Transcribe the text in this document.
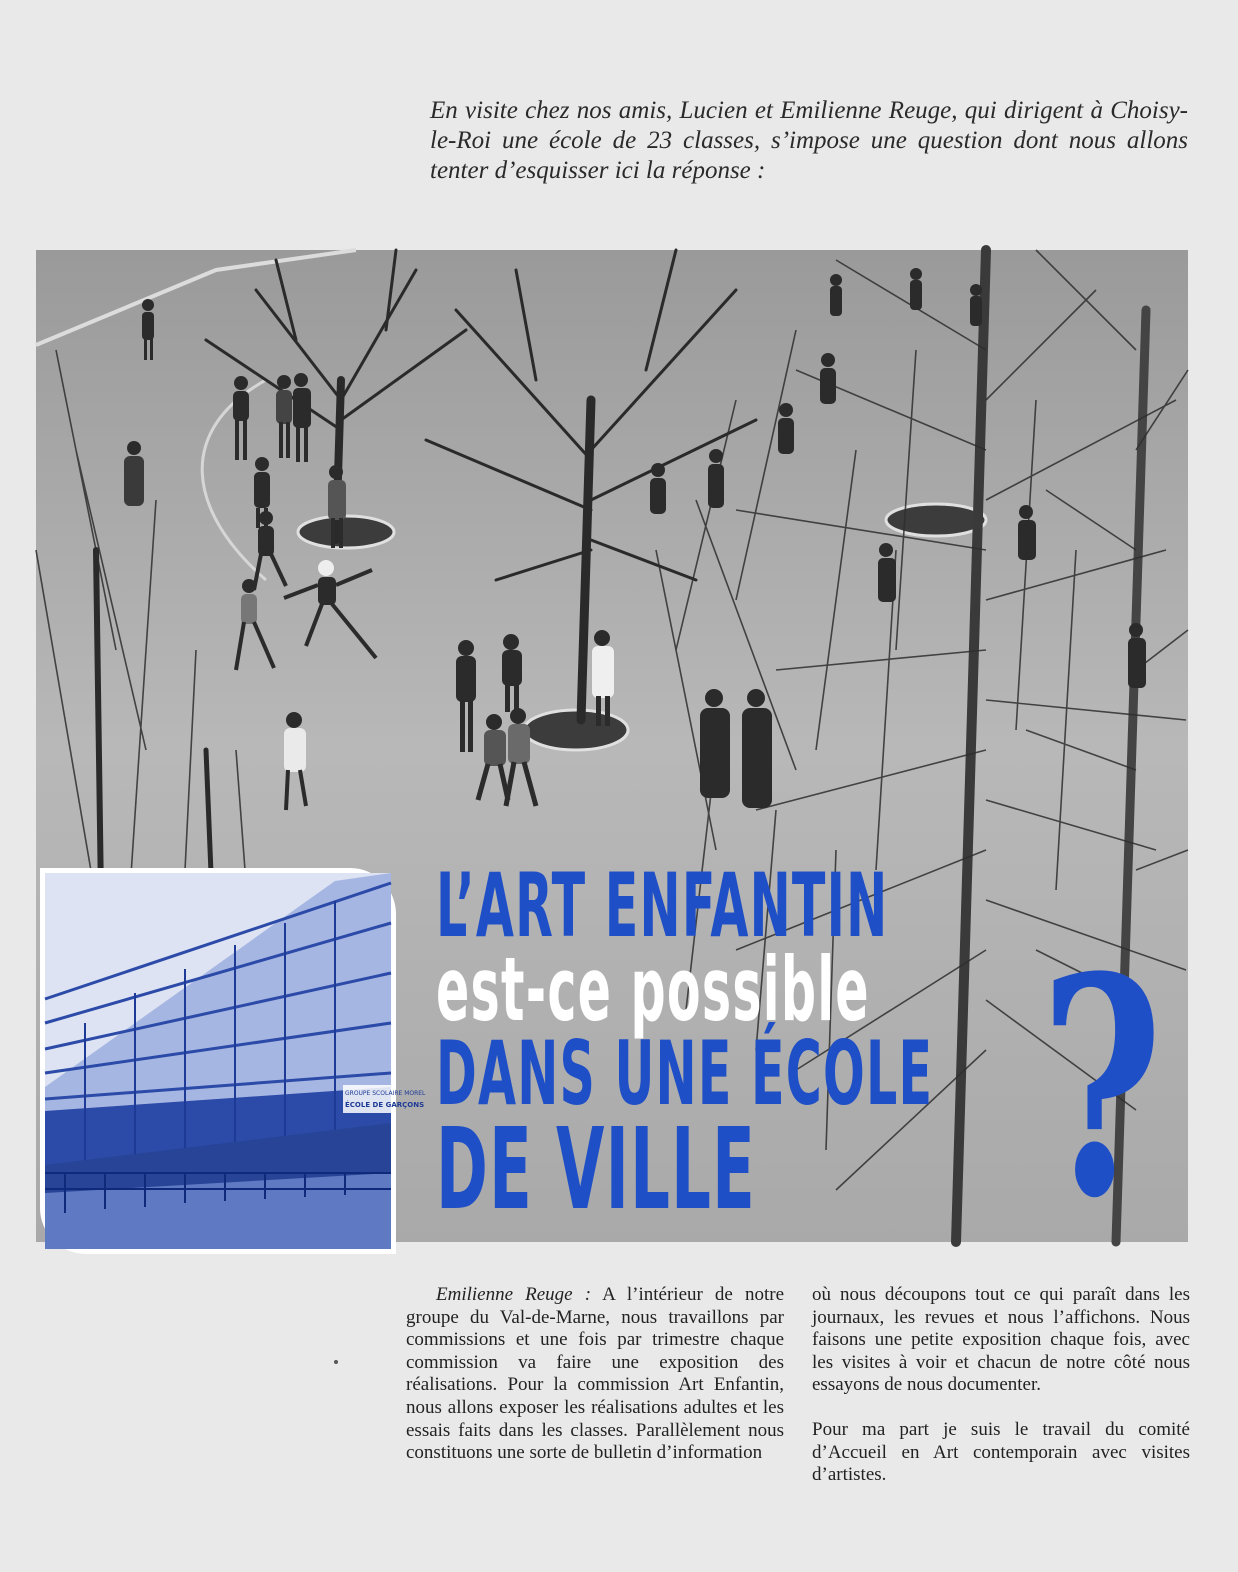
En visite chez nos amis, Lucien et Emilienne Reuge, qui dirigent à Choisy-le-Roi une école de 23 classes, s’impose une question dont nous allons tenter d’esquisser ici la réponse :
GROUPE SCOLAIRE MOREL
ÉCOLE DE GARÇONS
L’ART ENFANTIN
est-ce possible
DANS UNE ÉCOLE
DE VILLE ?

Emilienne Reuge : A l’intérieur de notre groupe du Val-de-Marne, nous travaillons par commissions et une fois par trimestre chaque commission va faire une exposition des réalisations. Pour la commission Art Enfantin, nous allons exposer les réalisations adultes et les essais faits dans les classes. Parallèlement nous constituons une sorte de bulletin d’information

où nous découpons tout ce qui paraît dans les journaux, les revues et nous l’affichons. Nous faisons une petite exposition chaque fois, avec les visites à voir et chacun de notre côté nous essayons de nous documenter.

Pour ma part je suis le travail du comité d’Accueil en Art contemporain avec visites d’artistes.
